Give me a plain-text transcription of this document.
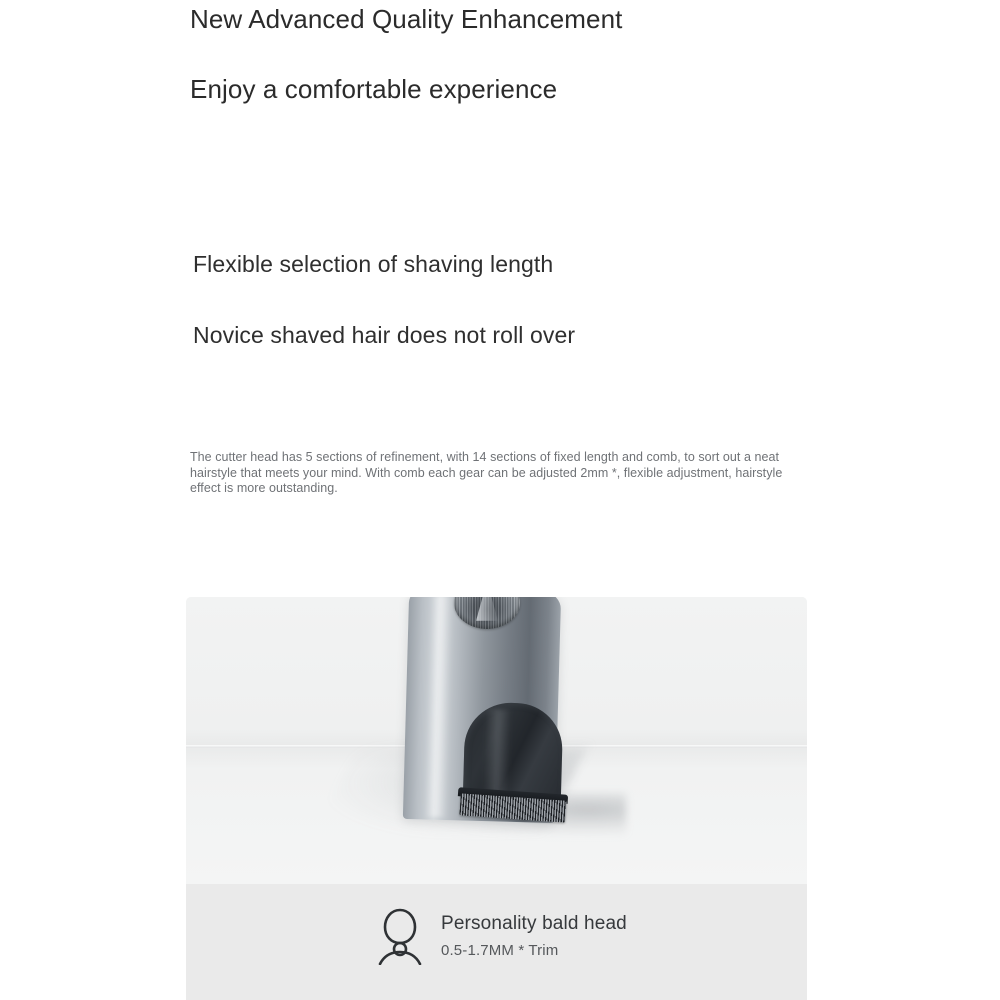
New Advanced Quality Enhancement
Enjoy a comfortable experience
Flexible selection of shaving length
Novice shaved hair does not roll over
The cutter head has 5 sections of refinement, with 14 sections of fixed length and comb, to sort out a neat hairstyle that meets your mind. With comb each gear can be adjusted 2mm *, flexible adjustment, hairstyle effect is more outstanding.
Personality bald head
0.5-1.7MM * Trim
